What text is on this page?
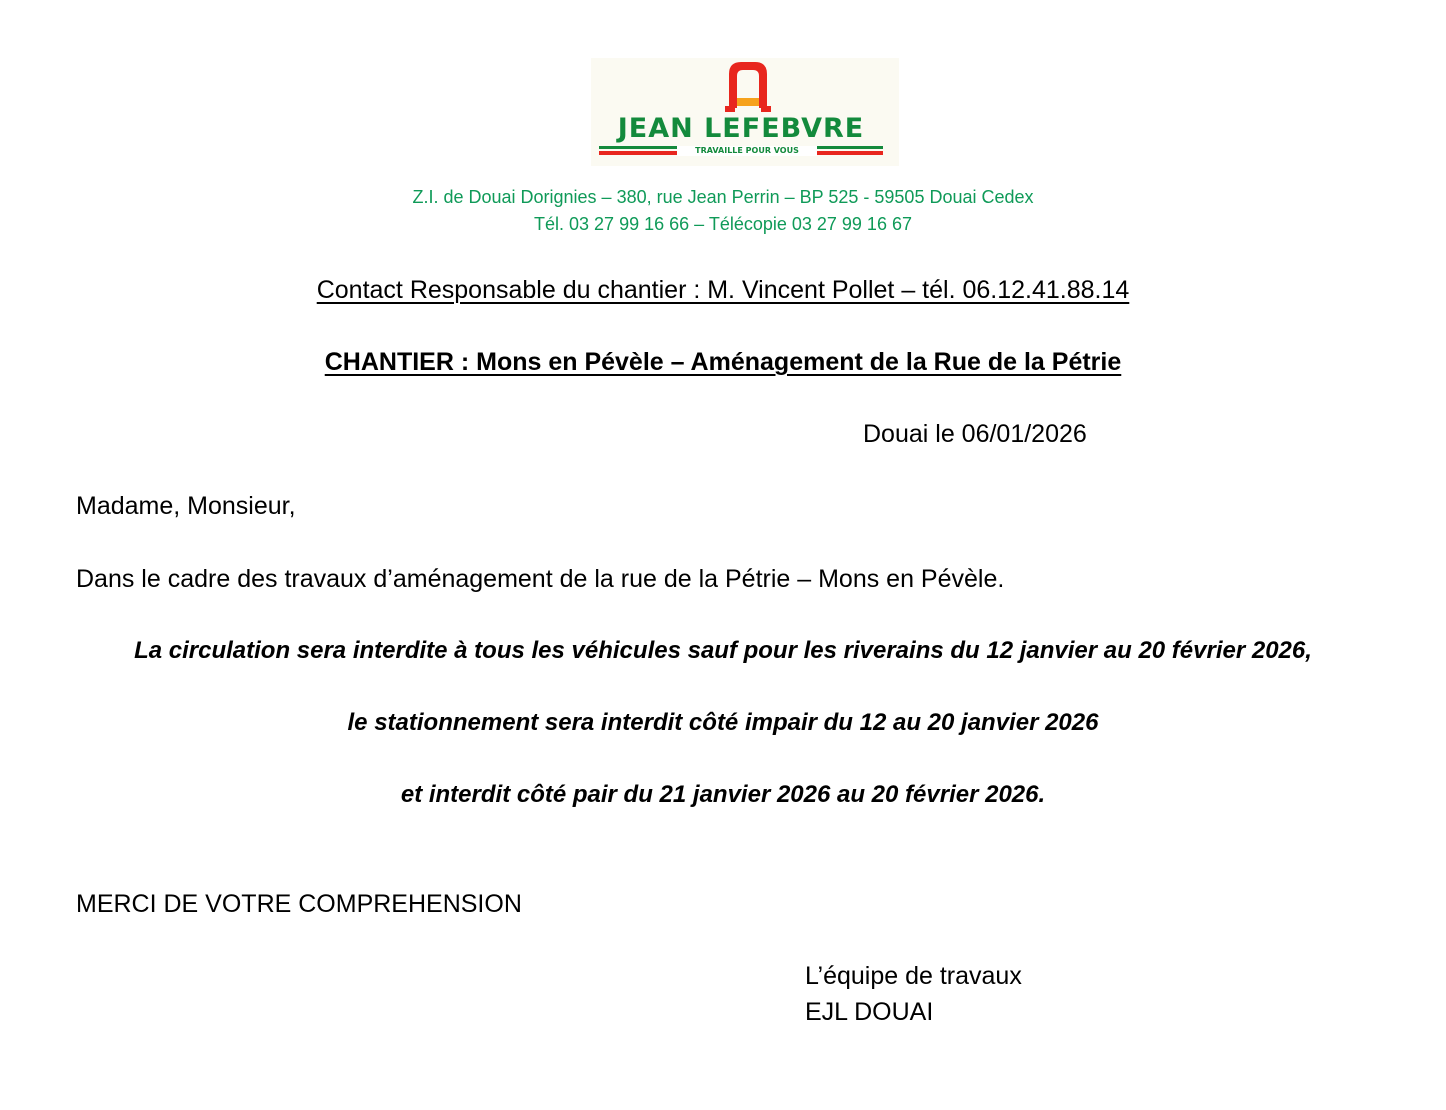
JEAN LEFEBVRE
TRAVAILLE POUR VOUS
Z.I. de Douai Dorignies – 380, rue Jean Perrin – BP 525 - 59505 Douai Cedex
Tél. 03 27 99 16 66 – Télécopie 03 27 99 16 67
Contact Responsable du chantier : M. Vincent Pollet – tél. 06.12.41.88.14
CHANTIER : Mons en Pévèle – Aménagement de la Rue de la Pétrie
Douai le 06/01/2026
Madame, Monsieur,
Dans le cadre des travaux d’aménagement de la rue de la Pétrie – Mons en Pévèle.
La circulation sera interdite à tous les véhicules sauf pour les riverains du 12 janvier au 20 février 2026,
le stationnement sera interdit côté impair du 12 au 20 janvier 2026
et interdit côté pair du 21 janvier 2026 au 20 février 2026.
MERCI DE VOTRE COMPREHENSION
L’équipe de travaux
EJL DOUAI
